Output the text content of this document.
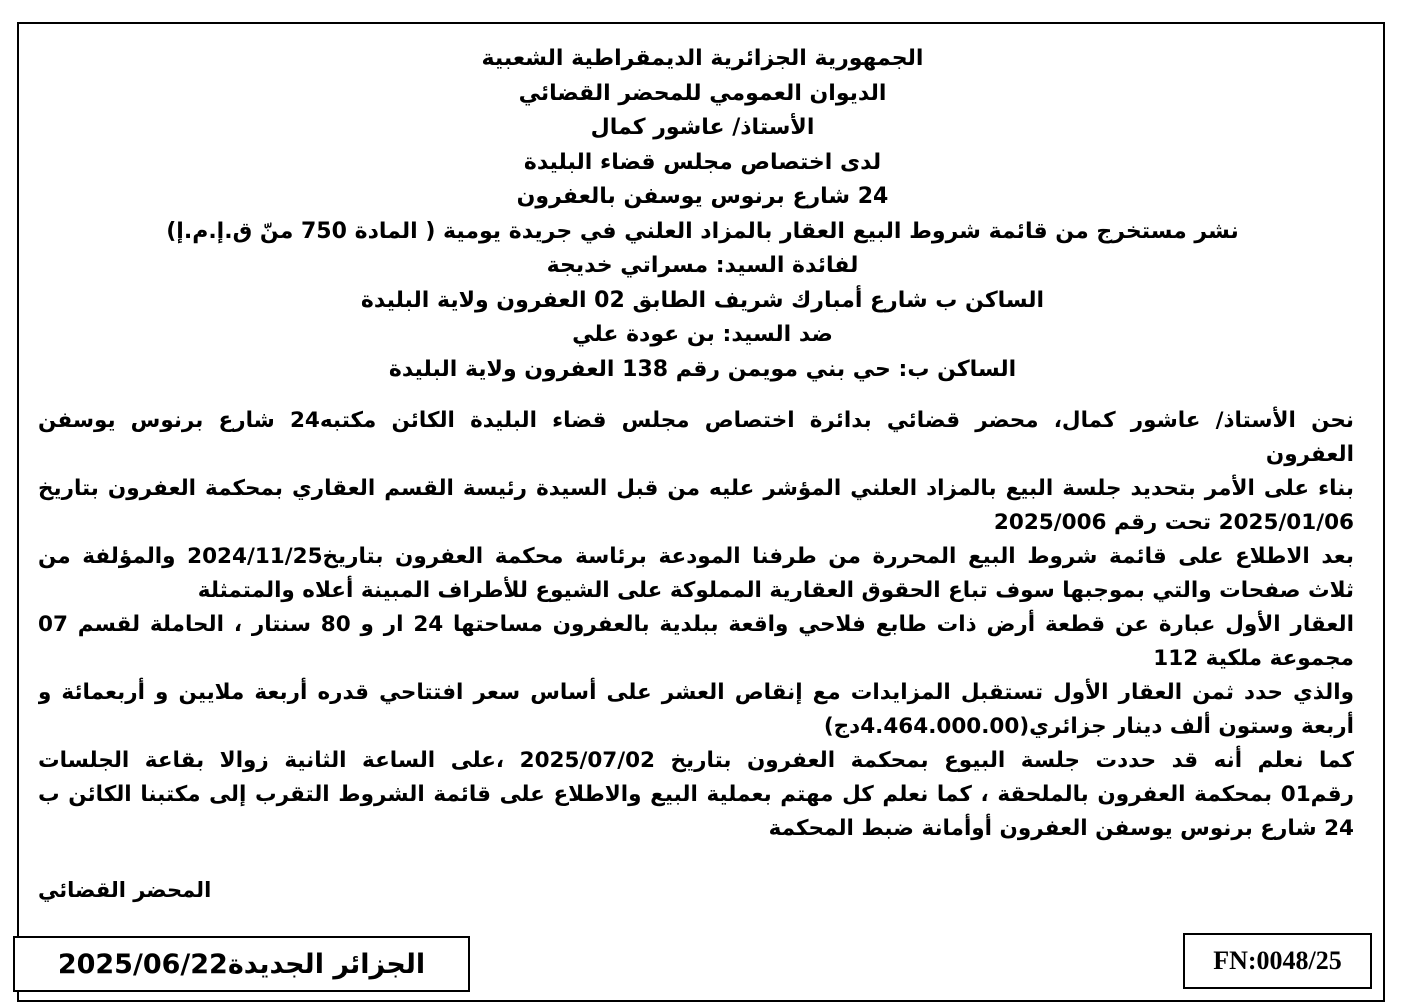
الجمهورية الجزائرية الديمقراطية الشعبية
الديوان العمومي للمحضر القضائي
الأستاذ/ عاشور كمال
لدى اختصاص مجلس قضاء البليدة
24 شارع برنوس يوسفن بالعفرون
نشر مستخرج من قائمة شروط البيع العقار بالمزاد العلني في جريدة يومية ( المادة 750 منّ ق.إ.م.إ)
لفائدة السيد: مسراتي خديجة
الساكن ب شارع أمبارك شريف الطابق 02 العفرون ولاية البليدة
ضد السيد: بن عودة علي
الساكن ب: حي بني مويمن رقم 138 العفرون ولاية البليدة
نحن الأستاذ/ عاشور كمال، محضر قضائي بدائرة اختصاص مجلس قضاء البليدة الكائن مكتبه24 شارع برنوس يوسفن
العفرون
بناء على الأمر بتحديد جلسة البيع بالمزاد العلني المؤشر عليه من قبل السيدة رئيسة القسم العقاري بمحكمة العفرون بتاريخ
2025/01/06 تحت رقم 2025/006
بعد الاطلاع على قائمة شروط البيع المحررة من طرفنا المودعة برئاسة محكمة العفرون بتاريخ2024/11/25 والمؤلفة من
ثلاث صفحات والتي بموجبها سوف تباع الحقوق العقارية المملوكة على الشيوع للأطراف المبينة أعلاه والمتمثلة
العقار الأول عبارة عن قطعة أرض ذات طابع فلاحي واقعة ببلدية بالعفرون مساحتها 24 ار و 80 سنتار ، الحاملة لقسم 07
مجموعة ملكية 112
والذي حدد ثمن العقار الأول تستقبل المزايدات مع إنقاص العشر على أساس سعر افتتاحي قدره أربعة ملايين و أربعمائة و
أربعة وستون ألف دينار جزائري(4.464.000.00دج)
كما نعلم أنه قد حددت جلسة البيوع بمحكمة العفرون بتاريخ 2025/07/02 ،على الساعة الثانية زوالا بقاعة الجلسات
رقم01 بمحكمة العفرون بالملحقة ، كما نعلم كل مهتم بعملية البيع والاطلاع على قائمة الشروط التقرب إلى مكتبنا الكائن ب
24 شارع برنوس يوسفن العفرون أوأمانة ضبط المحكمة
المحضر القضائي
الجزائر الجديدة2025/06/22	FN:0048/25
